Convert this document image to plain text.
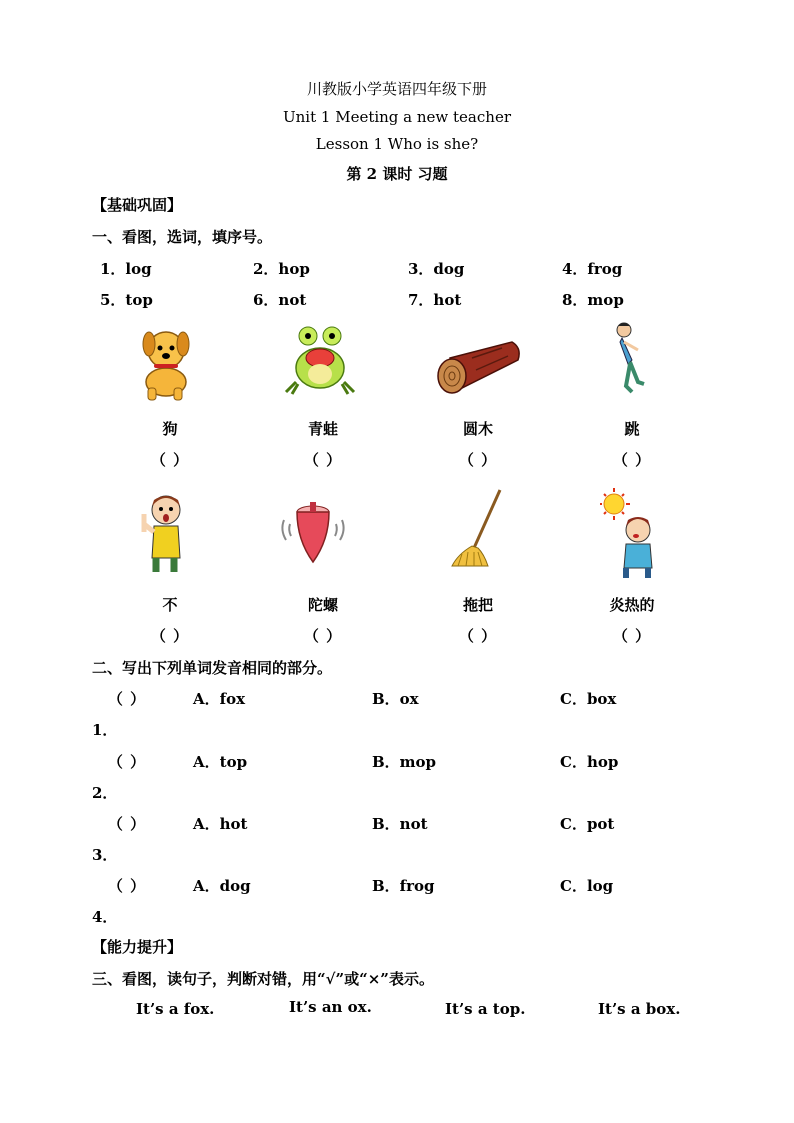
川教版小学英语四年级下册
Unit 1 Meeting a new teacher
Lesson 1 Who is she?
第 2 课时 习题
【基础巩固】
一、看图，选词，填序号。
1．log	2．hop	3．dog	4．frog
5．top	6．not	7．hot	8．mop
狗	青蛙	圆木	跳
（ ）	（ ）	（ ）	（ ）
不	陀螺	拖把	炎热的
（ ）	（ ）	（ ）	（ ）
二、写出下列单词发音相同的部分。
（ ）	A．fox	B．ox	C．box
1．
（ ）	A．top	B．mop	C．hop
2．
（ ）	A．hot	B．not	C．pot
3．
（ ）	A．dog	B．frog	C．log
4．
【能力提升】
三、看图，读句子，判断对错，用“√”或“×”表示。
It’s a fox.	It’s an ox.	It’s a top.	It’s a box.
